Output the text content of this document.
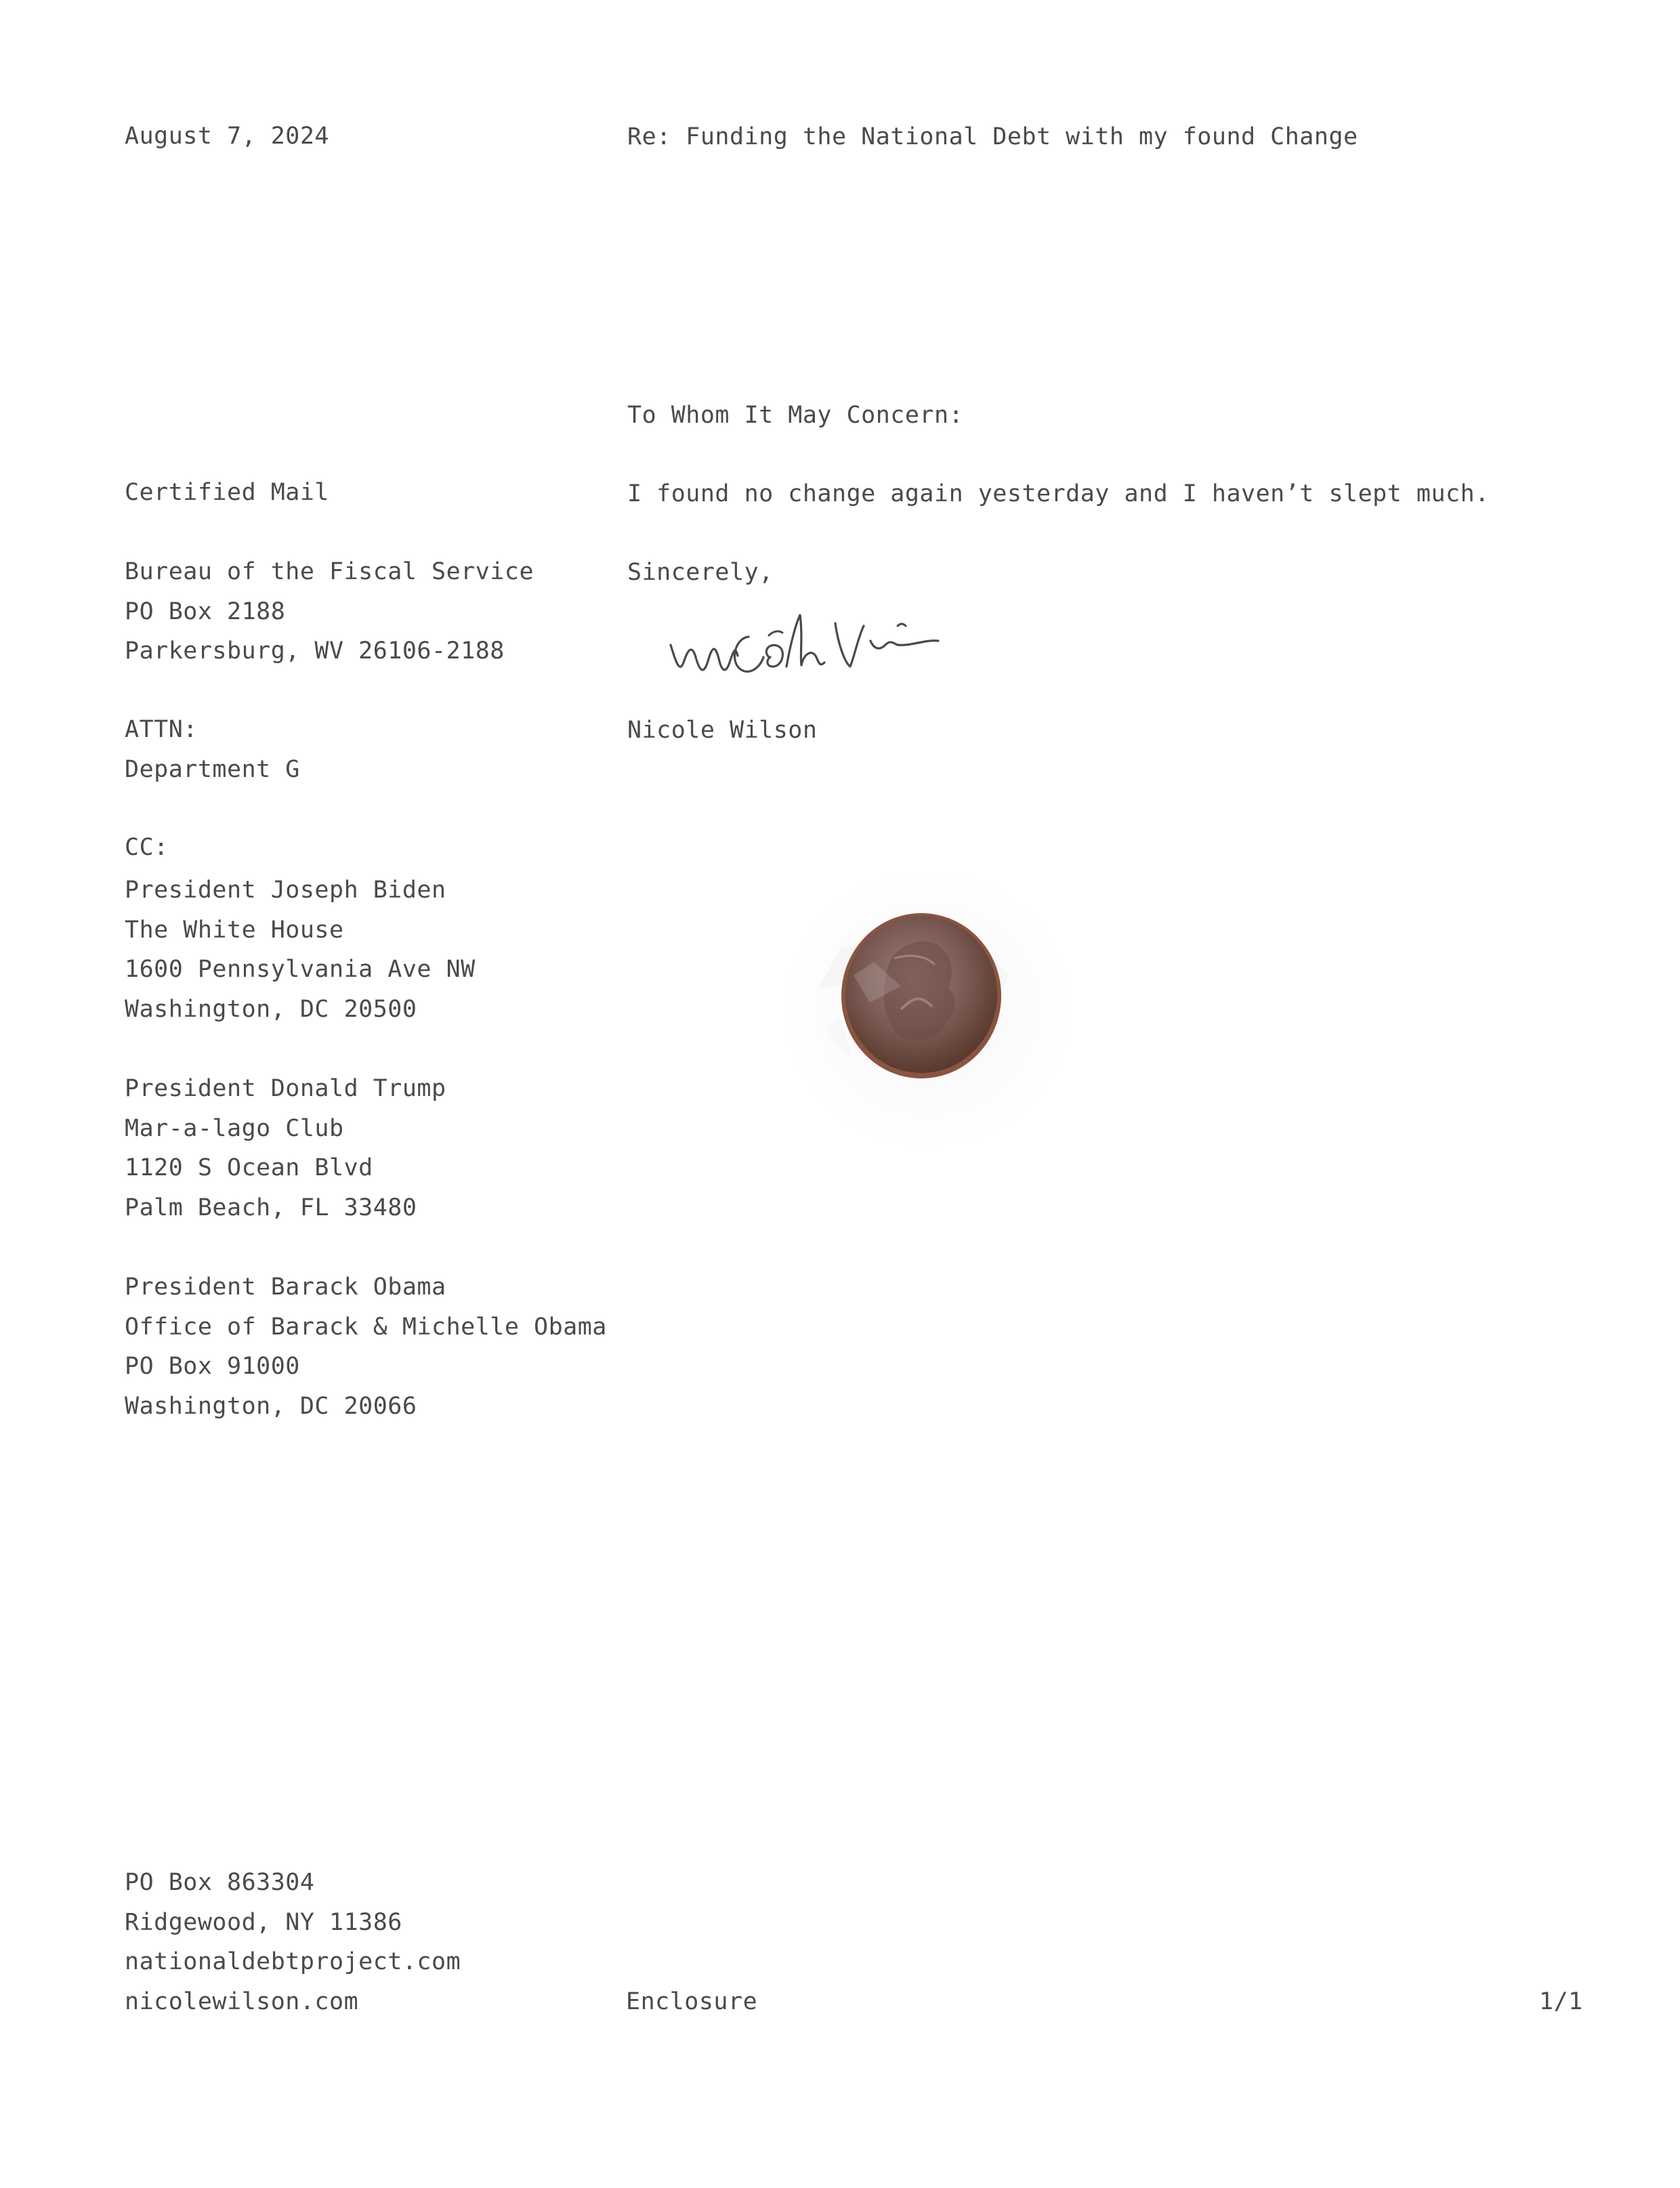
August 7, 2024	Re: Funding the National Debt with my found Change
To Whom It May Concern:
Certified Mail	I found no change again yesterday and I haven’t slept much.
Bureau of the Fiscal Service
PO Box 2188
Parkersburg, WV 26106-2188
Sincerely,
ATTN:	Nicole Wilson
Department G
CC:
President Joseph Biden
The White House
1600 Pennsylvania Ave NW
Washington, DC 20500
President Donald Trump
Mar-a-lago Club
1120 S Ocean Blvd
Palm Beach, FL 33480
President Barack Obama
Office of Barack & Michelle Obama
PO Box 91000
Washington, DC 20066
PO Box 863304
Ridgewood, NY 11386
nationaldebtproject.com
nicolewilson.com	Enclosure	1/1
